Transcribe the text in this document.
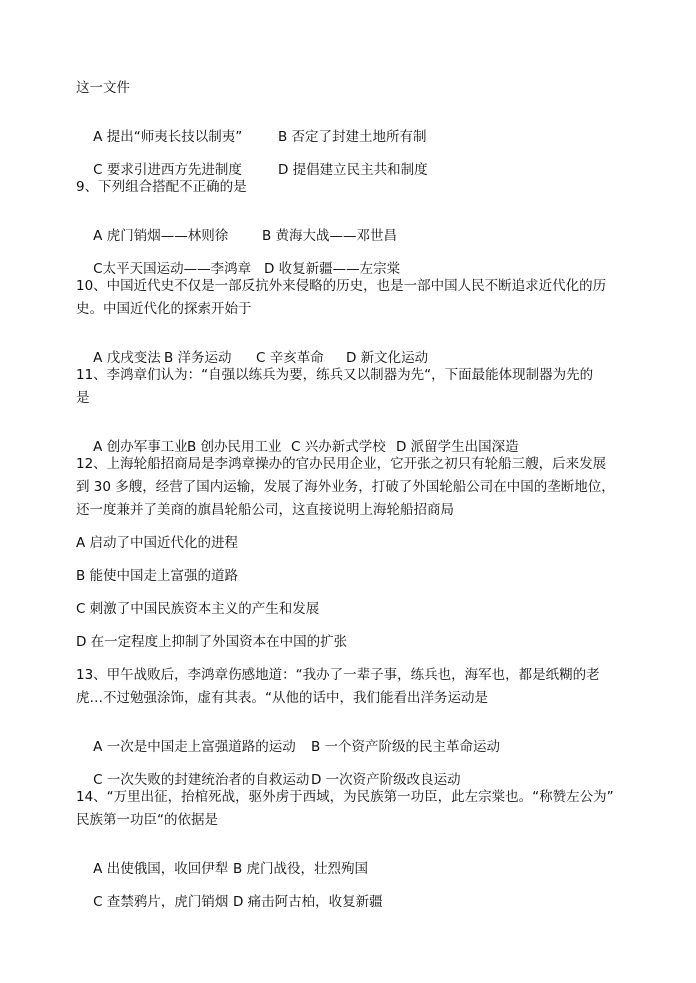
这一文件

A 提出“师夷长技以制夷”	B 否定了封建土地所有制

C 要求引进西方先进制度	D 提倡建立民主共和制度

9、下列组合搭配不正确的是

A 虎门销烟——林则徐	B 黄海大战——邓世昌

C太平天国运动——李鸿章 D 收复新疆——左宗棠

10、中国近代史不仅是一部反抗外来侵略的历史，也是一部中国人民不断追求近代化的历
史。中国近代化的探索开始于

A 戊戌变法 B 洋务运动 C 辛亥革命 D 新文化运动

11、李鸿章们认为：“自强以练兵为要，练兵又以制器为先“，下面最能体现制器为先的
是

A 创办军事工业 B 创办民用工业 C 兴办新式学校 D 派留学生出国深造

12、上海轮船招商局是李鸿章操办的官办民用企业，它开张之初只有轮船三艘，后来发展
到 30 多艘，经营了国内运输，发展了海外业务，打破了外国轮船公司在中国的垄断地位，
还一度兼并了美商的旗昌轮船公司，这直接说明上海轮船招商局
A 启动了中国近代化的进程
B 能使中国走上富强的道路
C 刺激了中国民族资本主义的产生和发展
D 在一定程度上抑制了外国资本在中国的扩张
13、甲午战败后，李鸿章伤感地道：“我办了一辈子事，练兵也，海军也，都是纸糊的老
虎…不过勉强涂饰，虚有其表。“从他的话中，我们能看出洋务运动是

A 一次是中国走上富强道路的运动 B 一个资产阶级的民主革命运动

C 一次失败的封建统治者的自救运动 D 一次资产阶级改良运动

14、“万里出征，抬棺死战，驱外虏于西域，为民族第一功臣，此左宗棠也。“称赞左公为”
民族第一功臣“的依据是

A 出使俄国，收回伊犁 B 虎门战役，壮烈殉国

C 查禁鸦片，虎门销烟 D 痛击阿古柏，收复新疆
